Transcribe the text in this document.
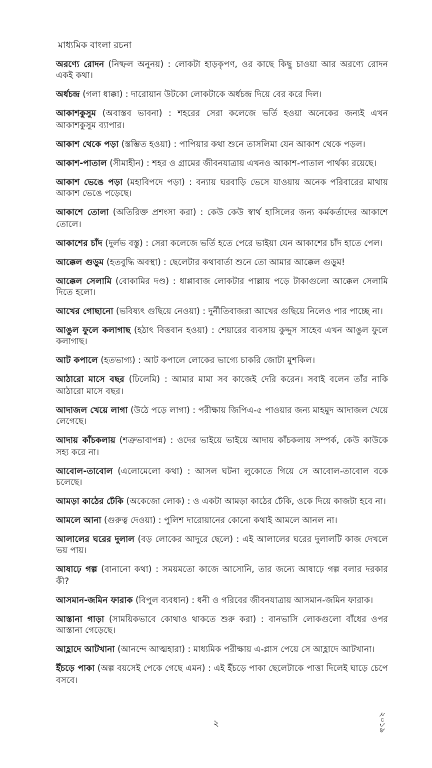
মাধ্যমিক বাংলা রচনা
অরণ্যে রোদন (নিষ্ফল অনুনয়) : লোকটা হাড়কৃপণ, ওর কাছে কিছু চাওয়া আর অরণ্যে রোদন একই কথা।
অর্ধচন্দ্র (গলা ধাক্কা) : দারোয়ান উটকো লোকটাকে অর্ধচন্দ্র দিয়ে বের করে দিল।
আকাশকুসুম (অবাস্তব ভাবনা) : শহরের সেরা কলেজে ভর্তি হওয়া অনেকের জন্যই এখন আকাশকুসুম ব্যাপার।
আকাশ থেকে পড়া (স্তম্ভিত হওয়া) : পাপিয়ার কথা শুনে তাসলিমা যেন আকাশ থেকে পড়ল।
আকাশ-পাতাল (সীমাহীন) : শহর ও গ্রামের জীবনযাত্রায় এখনও আকাশ-পাতাল পার্থক্য রয়েছে।
আকাশ ভেঙে পড়া (মহাবিপদে পড়া) : বন্যায় ঘরবাড়ি ভেসে যাওয়ায় অনেক পরিবারের মাথায় আকাশ ভেঙে পড়েছে।
আকাশে তোলা (অতিরিক্ত প্রশংসা করা) : কেউ কেউ স্বার্থ হাসিলের জন্য কর্মকর্তাদের আকাশে তোলে।
আকাশের চাঁদ (দুর্লভ বস্তু) : সেরা কলেজে ভর্তি হতে পেরে ভাইয়া যেন আকাশের চাঁদ হাতে পেল।
আক্কেল গুড়ুম (হতবুদ্ধি অবস্থা) : ছেলেটার কথাবার্তা শুনে তো আমার আক্কেল গুড়ুম!
আক্কেল সেলামি (বোকামির দণ্ড) : ধাপ্পাবাজ লোকটার পাল্লায় পড়ে টাকাগুলো আক্কেল সেলামি দিতে হলো।
আখের গোছানো (ভবিষ্যৎ গুছিয়ে নেওয়া) : দুর্নীতিবাজরা আখের গুছিয়ে নিলেও পার পাচ্ছে না।
আঙুল ফুলে কলাগাছ (হঠাৎ বিত্তবান হওয়া) : শেয়ারের ব্যবসায় কুদ্দুস সাহেব এখন আঙুল ফুলে কলাগাছ।
আট কপালে (হতভাগ্য) : আট কপালে লোকের ভাগ্যে চাকরি জোটা মুশকিল।
আঠারো মাসে বছর (ঢিলেমি) : আমার মামা সব কাজেই দেরি করেন। সবাই বলেন তাঁর নাকি আঠারো মাসে বছর।
আদাজল খেয়ে লাগা (উঠে পড়ে লাগা) : পরীক্ষায় জিপিএ-৫ পাওয়ার জন্য মাহমুদ আদাজল খেয়ে লেগেছে।
আদায় কাঁচকলায় (শত্রুভাবাপন্ন) : ওদের ভাইয়ে ভাইয়ে আদায় কাঁচকলায় সম্পর্ক, কেউ কাউকে সহ্য করে না।
আবোল-তাবোল (এলোমেলো কথা) : আসল ঘটনা লুকোতে গিয়ে সে আবোল-তাবোল বকে চলেছে।
আমড়া কাঠের ঢেঁকি (অকেজো লোক) : ও একটা আমড়া কাঠের ঢেঁকি, ওকে দিয়ে কাজটা হবে না।
আমলে আনা (গুরুত্ব দেওয়া) : পুলিশ দারোয়ানের কোনো কথাই আমলে আনল না।
আলালের ঘরের দুলাল (বড় লোকের আদুরে ছেলে) : এই আলালের ঘরের দুলালটি কাজ দেখলে ভয় পায়।
আষাঢ়ে গল্প (বানানো কথা) : সময়মতো কাজে আসোনি, তার জন্যে আষাঢ়ে গল্প বলার দরকার কী?
আসমান-জমিন ফারাক (বিপুল ব্যবধান) : ধনী ও গরিবের জীবনযাত্রায় আসমান-জমিন ফারাক।
আস্তানা গাড়া (সাময়িকভাবে কোথাও থাকতে শুরু করা) : বানভাসি লোকগুলো বাঁধের ওপর আস্তানা গেড়েছে।
আহ্লাদে আটখানা (আনন্দে আত্মহারা) : মাধ্যমিক পরীক্ষায় এ-প্লাস পেয়ে সে আহ্লাদে আটখানা।
ইঁচড়ে পাকা (অল্প বয়সেই পেকে গেছে এমন) : এই ইঁচড়ে পাকা ছেলেটাকে পাত্তা দিলেই ঘাড়ে চেপে বসবে।
২	২০১৯
